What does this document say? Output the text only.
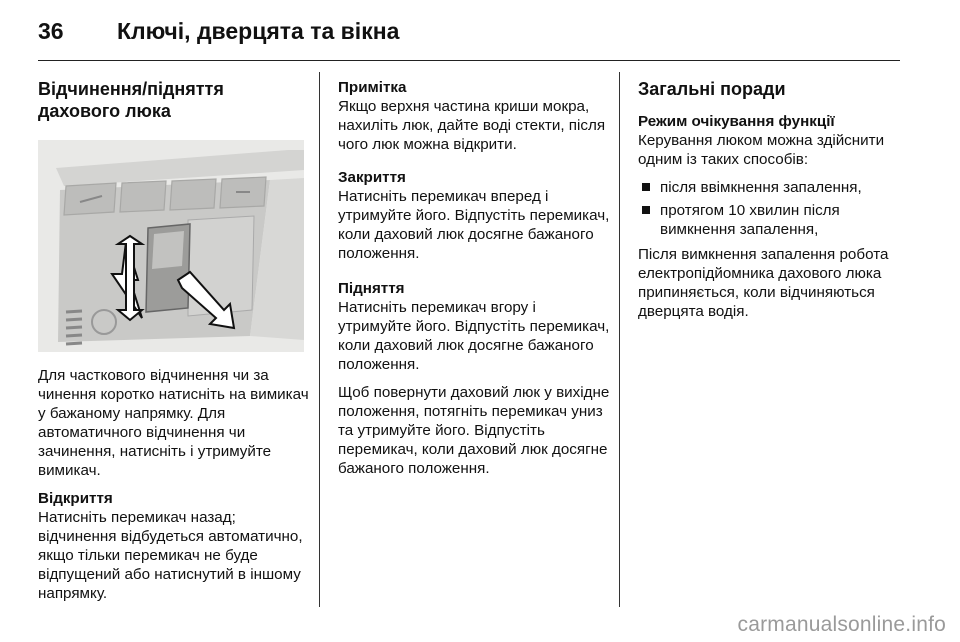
36 Ключі, дверцята та вікна
Відчинення/підняття дахового люка

Для часткового відчинення чи за чинення коротко натисніть на вимикач у бажаному напрямку. Для автоматичного відчинення чи зачинення, натисніть і утримуйте вимикач.

Відкриття

Натисніть перемикач назад; відчинення відбудеться автоматично, якщо тільки перемикач не буде відпущений або натиснутий в іншому напрямку.

Примітка

Якщо верхня частина криши мокра, нахиліть люк, дайте воді стекти, після чого люк можна відкрити.

Закриття

Натисніть перемикач вперед і утримуйте його. Відпустіть перемикач, коли даховий люк досягне бажаного положення.

Підняття

Натисніть перемикач вгору і утримуйте його. Відпустіть перемикач, коли даховий люк досягне бажаного положення.

Щоб повернути даховий люк у вихідне положення, потягніть перемикач униз та утримуйте його. Відпустіть перемикач, коли даховий люк досягне бажаного положення.

Загальні поради
Режим очікування функції

Керування люком можна здійснити одним із таких способів:

після ввімкнення запалення,
протягом 10 хвилин після вимкнення запалення,

Після вимкнення запалення робота електропідйомника дахового люка припиняється, коли відчиняються дверцята водія.

carmanualsonline.info
